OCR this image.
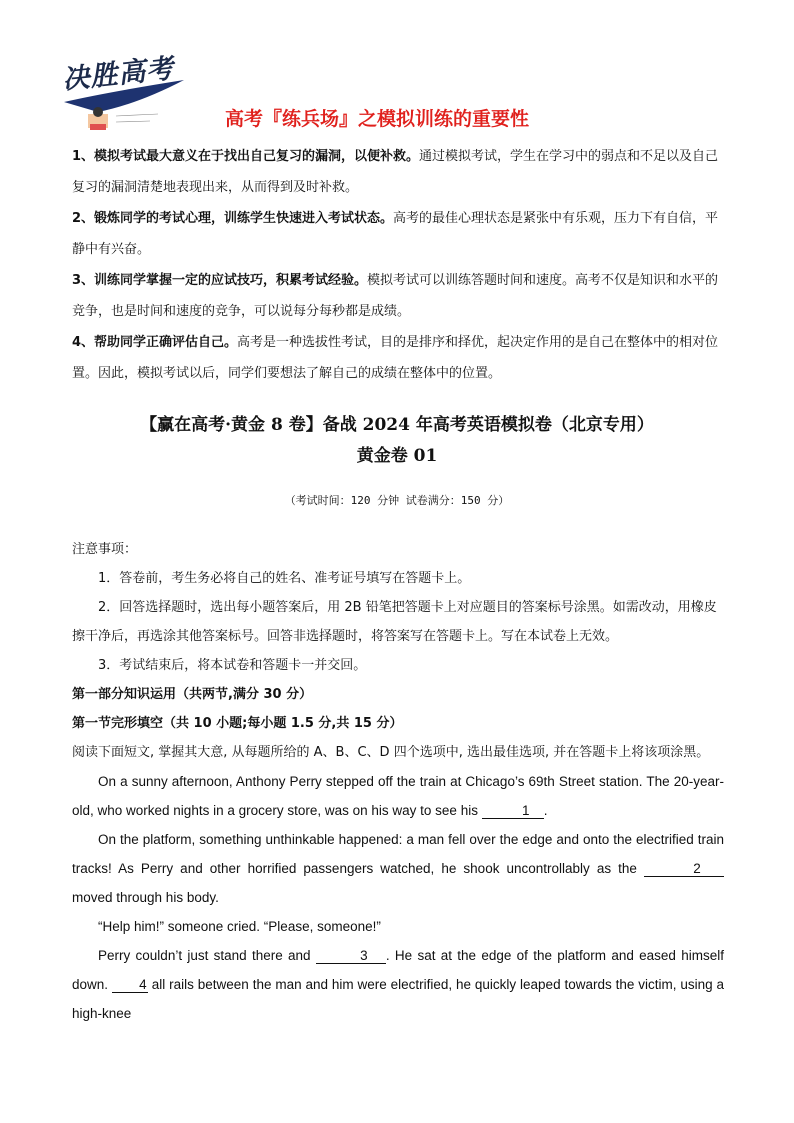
决胜高考
高考『练兵场』之模拟训练的重要性

1、模拟考试最大意义在于找出自己复习的漏洞，以便补救。通过模拟考试，学生在学习中的弱点和不足以及自己复习的漏洞清楚地表现出来，从而得到及时补救。

2、锻炼同学的考试心理，训练学生快速进入考试状态。高考的最佳心理状态是紧张中有乐观，压力下有自信，平静中有兴奋。

3、训练同学掌握一定的应试技巧，积累考试经验。模拟考试可以训练答题时间和速度。高考不仅是知识和水平的竞争，也是时间和速度的竞争，可以说每分每秒都是成绩。

4、帮助同学正确评估自己。高考是一种选拔性考试，目的是排序和择优，起决定作用的是自己在整体中的相对位置。因此，模拟考试以后，同学们要想法了解自己的成绩在整体中的位置。

【赢在高考·黄金 8 卷】备战 2024 年高考英语模拟卷（北京专用）
黄金卷 01
（考试时间：120 分钟 试卷满分：150 分）

注意事项：

1．答卷前，考生务必将自己的姓名、准考证号填写在答题卡上。

2．回答选择题时，选出每小题答案后，用 2B 铅笔把答题卡上对应题目的答案标号涂黑。如需改动，用橡皮擦干净后，再选涂其他答案标号。回答非选择题时，将答案写在答题卡上。写在本试卷上无效。

3．考试结束后，将本试卷和答题卡一并交回。

第一部分知识运用（共两节,满分 30 分）

第一节完形填空（共 10 小题;每小题 1.5 分,共 15 分）

阅读下面短文, 掌握其大意, 从每题所给的 A、B、C、D 四个选项中, 选出最佳选项, 并在答题卡上将该项涂黑。

On a sunny afternoon, Anthony Perry stepped off the train at Chicago’s 69th Street station. The 20-year-old, who worked nights in a grocery store, was on his way to see his	1 .

On the platform, something unthinkable happened: a man fell over the edge and onto the electrified train tracks! As Perry and other horrified passengers watched, he shook uncontrollably as the	2 moved through his body.

“Help him!” someone cried. “Please, someone!”

Perry couldn’t just stand there and	3 . He sat at the edge of the platform and eased himself down. 4 all rails between the man and him were electrified, he quickly leaped towards the victim, using a high-knee
